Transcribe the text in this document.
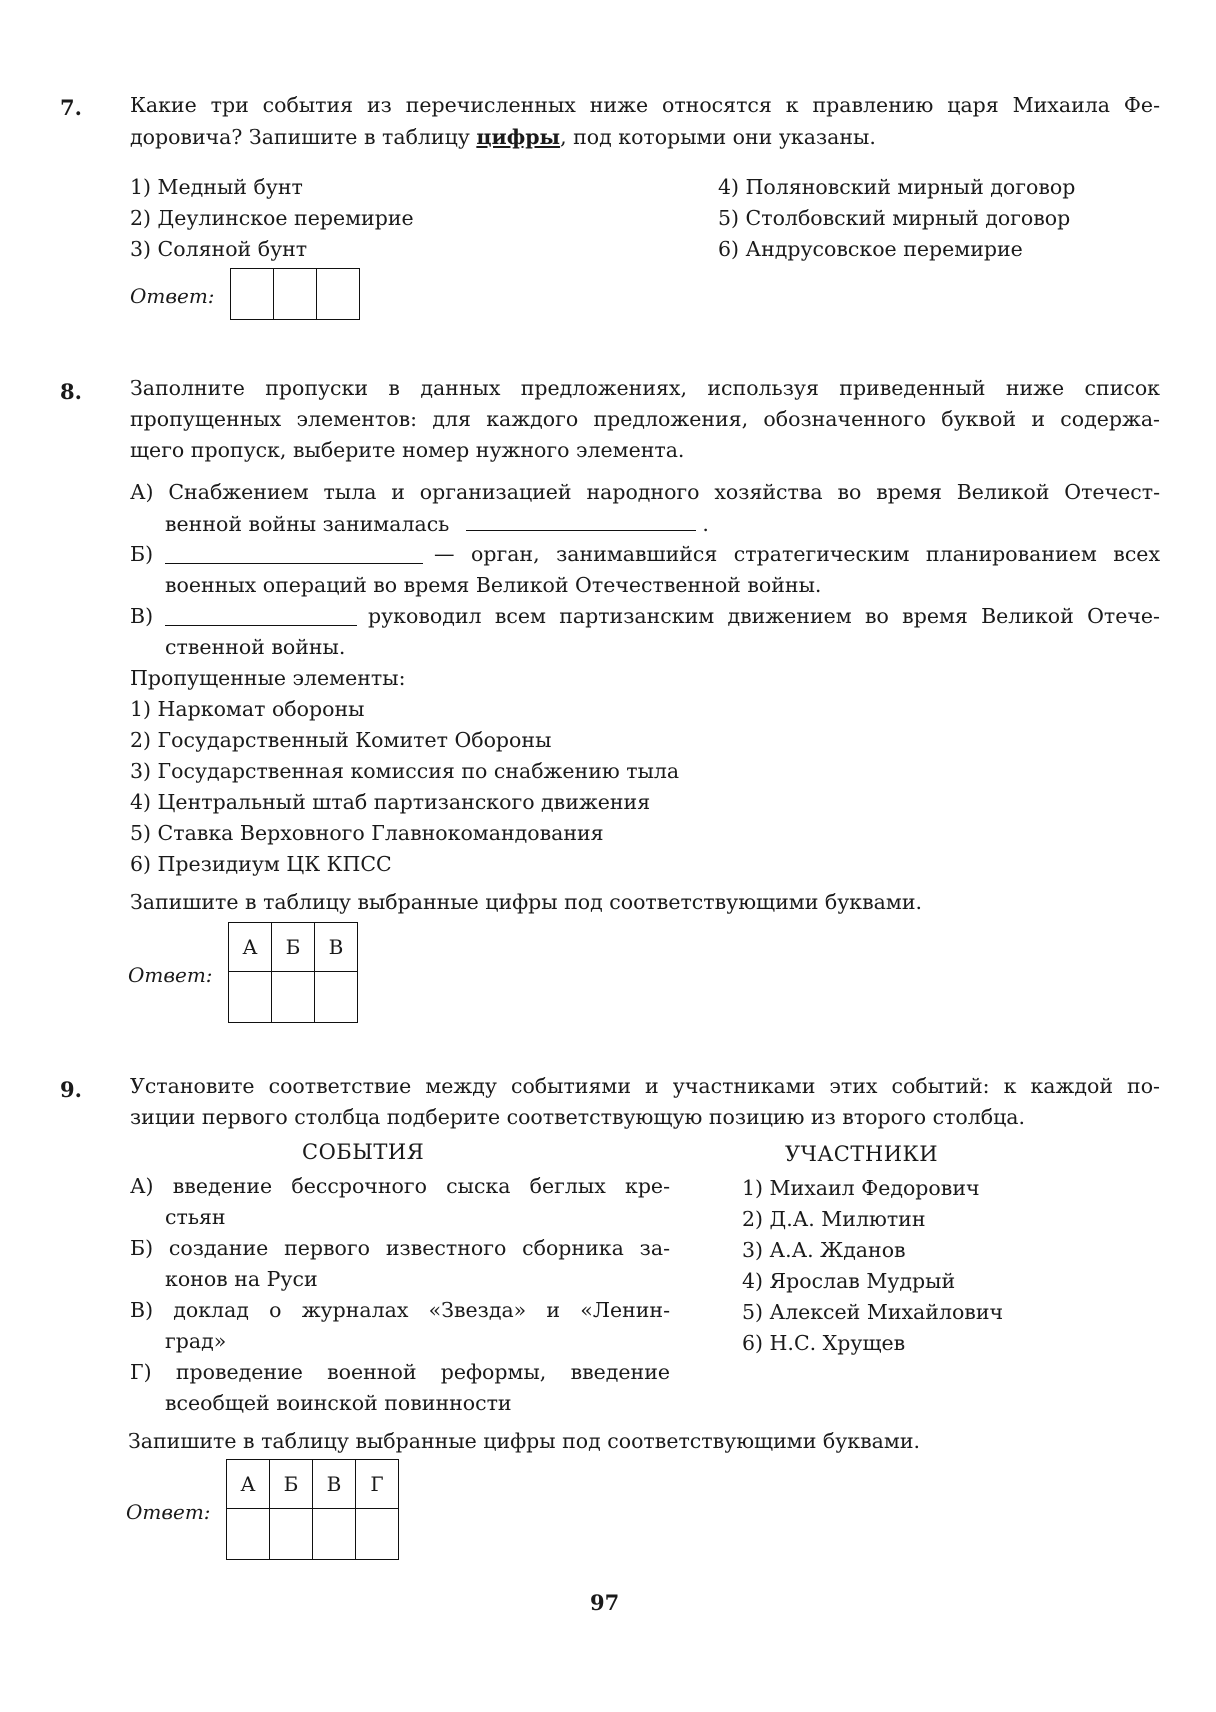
7. Какие три события из перечисленных ниже относятся к правлению царя Михаила Фе-
доровича? Запишите в таблицу цифры, под которыми они указаны.
1) Медный бунт
2) Деулинское перемирие
3) Соляной бунт
4) Поляновский мирный договор
5) Столбовский мирный договор
6) Андрусовское перемирие
Ответ:

8. Заполните пропуски в данных предложениях, используя приведенный ниже список
пропущенных элементов: для каждого предложения, обозначенного буквой и содержа-
щего пропуск, выберите номер нужного элемента.
А) Снабжением тыла и организацией народного хозяйства во время Великой Отечест-
венной войны занималась	.
Б)	— орган, занимавшийся стратегическим планированием всех
военных операций во время Великой Отечественной войны.
В)	руководил всем партизанским движением во время Великой Отече-
ственной войны.
Пропущенные элементы:
1) Наркомат обороны
2) Государственный Комитет Обороны
3) Государственная комиссия по снабжению тыла
4) Центральный штаб партизанского движения
5) Ставка Верховного Главнокомандования
6) Президиум ЦК КПСС
Запишите в таблицу выбранные цифры под соответствующими буквами.
Ответ:
А	Б	В

9. Установите соответствие между событиями и участниками этих событий: к каждой по-
зиции первого столбца подберите соответствующую позицию из второго столбца.
СОБЫТИЯ	УЧАСТНИКИ
А) введение бессрочного сыска беглых кре-
стьян
Б) создание первого известного сборника за-
конов на Руси
В) доклад о журналах «Звезда» и «Ленин-
град»
Г) проведение военной реформы, введение
всеобщей воинской повинности
1) Михаил Федорович
2) Д.А. Милютин
3) А.А. Жданов
4) Ярослав Мудрый
5) Алексей Михайлович
6) Н.С. Хрущев
Запишите в таблицу выбранные цифры под соответствующими буквами.
Ответ:
А	Б	В	Г

97
